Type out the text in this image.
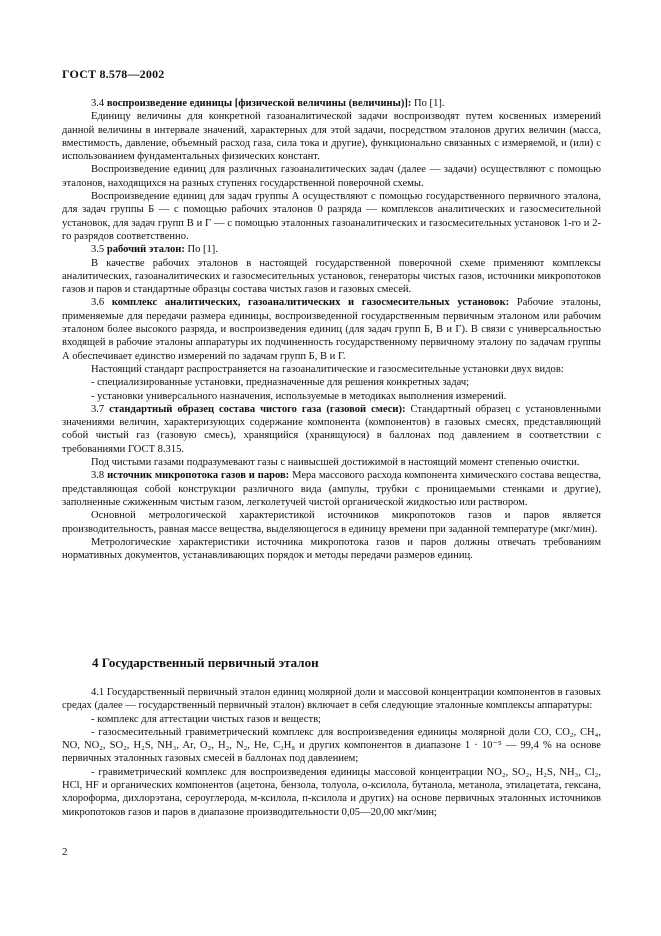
ГОСТ 8.578—2002

3.4 воспроизведение единицы [физической величины (величины)]: По [1].

Единицу величины для конкретной газоаналитической задачи воспроизводят путем косвенных измерений данной величины в интервале значений, характерных для этой задачи, посредством эталонов других величин (масса, вместимость, давление, объемный расход газа, сила тока и другие), функционально связанных с измеряемой, и (или) с использованием фундаментальных физических констант.

Воспроизведение единиц для различных газоаналитических задач (далее — задачи) осуществляют с помощью эталонов, находящихся на разных ступенях государственной поверочной схемы.

Воспроизведение единиц для задач группы А осуществляют с помощью государственного первичного эталона, для задач группы Б — с помощью рабочих эталонов 0 разряда — комплексов аналитических и газосмесительной установок, для задач групп В и Г — с помощью эталонных газоаналитических и газосмесительных установок 1-го и 2-го разрядов соответственно.

3.5 рабочий эталон: По [1].

В качестве рабочих эталонов в настоящей государственной поверочной схеме применяют комплексы аналитических, газоаналитических и газосмесительных установок, генераторы чистых газов, источники микропотоков газов и паров и стандартные образцы состава чистых газов и газовых смесей.

3.6 комплекс аналитических, газоаналитических и газосмесительных установок: Рабочие эталоны, применяемые для передачи размера единицы, воспроизведенной государственным первичным эталоном или рабочим эталоном более высокого разряда, и воспроизведения единиц (для задач групп Б, В и Г). В связи с универсальностью входящей в рабочие эталоны аппаратуры их подчиненность государственному первичному эталону по задачам группы А обеспечивает единство измерений по задачам групп Б, В и Г.

Настоящий стандарт распространяется на газоаналитические и газосмесительные установки двух видов:

- специализированные установки, предназначенные для решения конкретных задач;

- установки универсального назначения, используемые в методиках выполнения измерений.

3.7 стандартный образец состава чистого газа (газовой смеси): Стандартный образец с установленными значениями величин, характеризующих содержание компонента (компонентов) в газовых смесях, представляющий собой чистый газ (газовую смесь), хранящийся (хранящуюся) в баллонах под давлением в соответствии с требованиями ГОСТ 8.315.

Под чистыми газами подразумевают газы с наивысшей достижимой в настоящий момент степенью очистки.

3.8 источник микропотока газов и паров: Мера массового расхода компонента химического состава вещества, представляющая собой конструкции различного вида (ампулы, трубки с проницаемыми стенками и другие), заполненные сжиженным чистым газом, легколетучей чистой органической жидкостью или раствором.

Основной метрологической характеристикой источников микропотоков газов и паров является производительность, равная массе вещества, выделяющегося в единицу времени при заданной температуре (мкг/мин).

Метрологические характеристики источника микропотока газов и паров должны отвечать требованиям нормативных документов, устанавливающих порядок и методы передачи размеров единиц.

4 Государственный первичный эталон

4.1 Государственный первичный эталон единиц молярной доли и массовой концентрации компонентов в газовых средах (далее — государственный первичный эталон) включает в себя следующие эталонные комплексы аппаратуры:

- комплекс для аттестации чистых газов и веществ;

- газосмесительный гравиметрический комплекс для воспроизведения единицы молярной доли CO, CO₂, CH₄, NO, NO₂, SO₂, H₂S, NH₃, Ar, O₂, H₂, N₂, He, C₃H₈ и других компонентов в диапазоне 1 · 10⁻⁵ — 99,4 % на основе первичных эталонных газовых смесей в баллонах под давлением;

- гравиметрический комплекс для воспроизведения единицы массовой концентрации NO₂, SO₂, H₂S, NH₃, Cl₂, HCl, HF и органических компонентов (ацетона, бензола, толуола, о-ксилола, бутанола, метанола, этилацетата, гексана, хлороформа, дихлорэтана, сероуглерода, м-ксилола, п-ксилола и других) на основе первичных эталонных источников микропотоков газов и паров в диапазоне производительности 0,05—20,00 мкг/мин;

2
